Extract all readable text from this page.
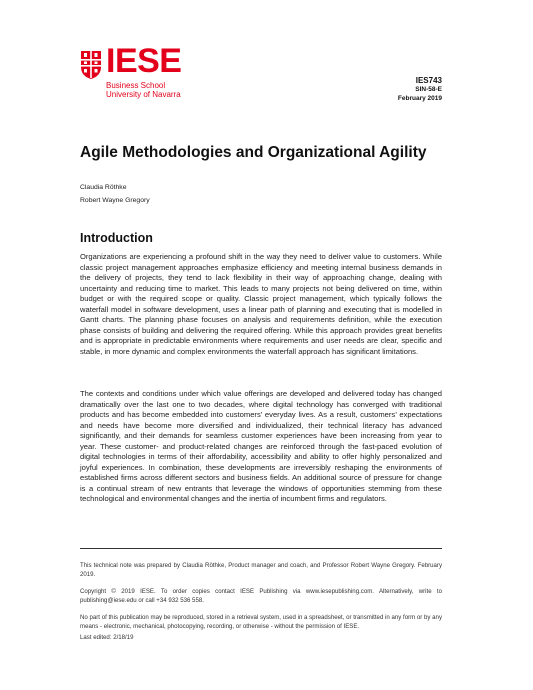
IESE
Business School
University of Navarra
IES743
SIN-58-E
February 2019
Agile Methodologies and Organizational Agility
Claudia Röthke
Robert Wayne Gregory
Introduction

Organizations are experiencing a profound shift in the way they need to deliver value to customers. While classic project management approaches emphasize efficiency and meeting internal business demands in the delivery of projects, they tend to lack flexibility in their way of approaching change, dealing with uncertainty and reducing time to market. This leads to many projects not being delivered on time, within budget or with the required scope or quality. Classic project management, which typically follows the waterfall model in software development, uses a linear path of planning and executing that is modelled in Gantt charts. The planning phase focuses on analysis and requirements definition, while the execution phase consists of building and delivering the required offering. While this approach provides great benefits and is appropriate in predictable environments where requirements and user needs are clear, specific and stable, in more dynamic and complex environments the waterfall approach has significant limitations.

The contexts and conditions under which value offerings are developed and delivered today has changed dramatically over the last one to two decades, where digital technology has converged with traditional products and has become embedded into customers’ everyday lives. As a result, customers’ expectations and needs have become more diversified and individualized, their technical literacy has advanced significantly, and their demands for seamless customer experiences have been increasing from year to year. These customer- and product-related changes are reinforced through the fast-paced evolution of digital technologies in terms of their affordability, accessibility and ability to offer highly personalized and joyful experiences. In combination, these developments are irreversibly reshaping the environments of established firms across different sectors and business fields. An additional source of pressure for change is a continual stream of new entrants that leverage the windows of opportunities stemming from these technological and environmental changes and the inertia of incumbent firms and regulators.

This technical note was prepared by Claudia Röthke, Product manager and coach, and Professor Robert Wayne Gregory. February 2019.

Copyright © 2019 IESE. To order copies contact IESE Publishing via www.iesepublishing.com. Alternatively, write to publishing@iese.edu or call +34 932 536 558.

No part of this publication may be reproduced, stored in a retrieval system, used in a spreadsheet, or transmitted in any form or by any means - electronic, mechanical, photocopying, recording, or otherwise - without the permission of IESE.

Last edited: 2/18/19
